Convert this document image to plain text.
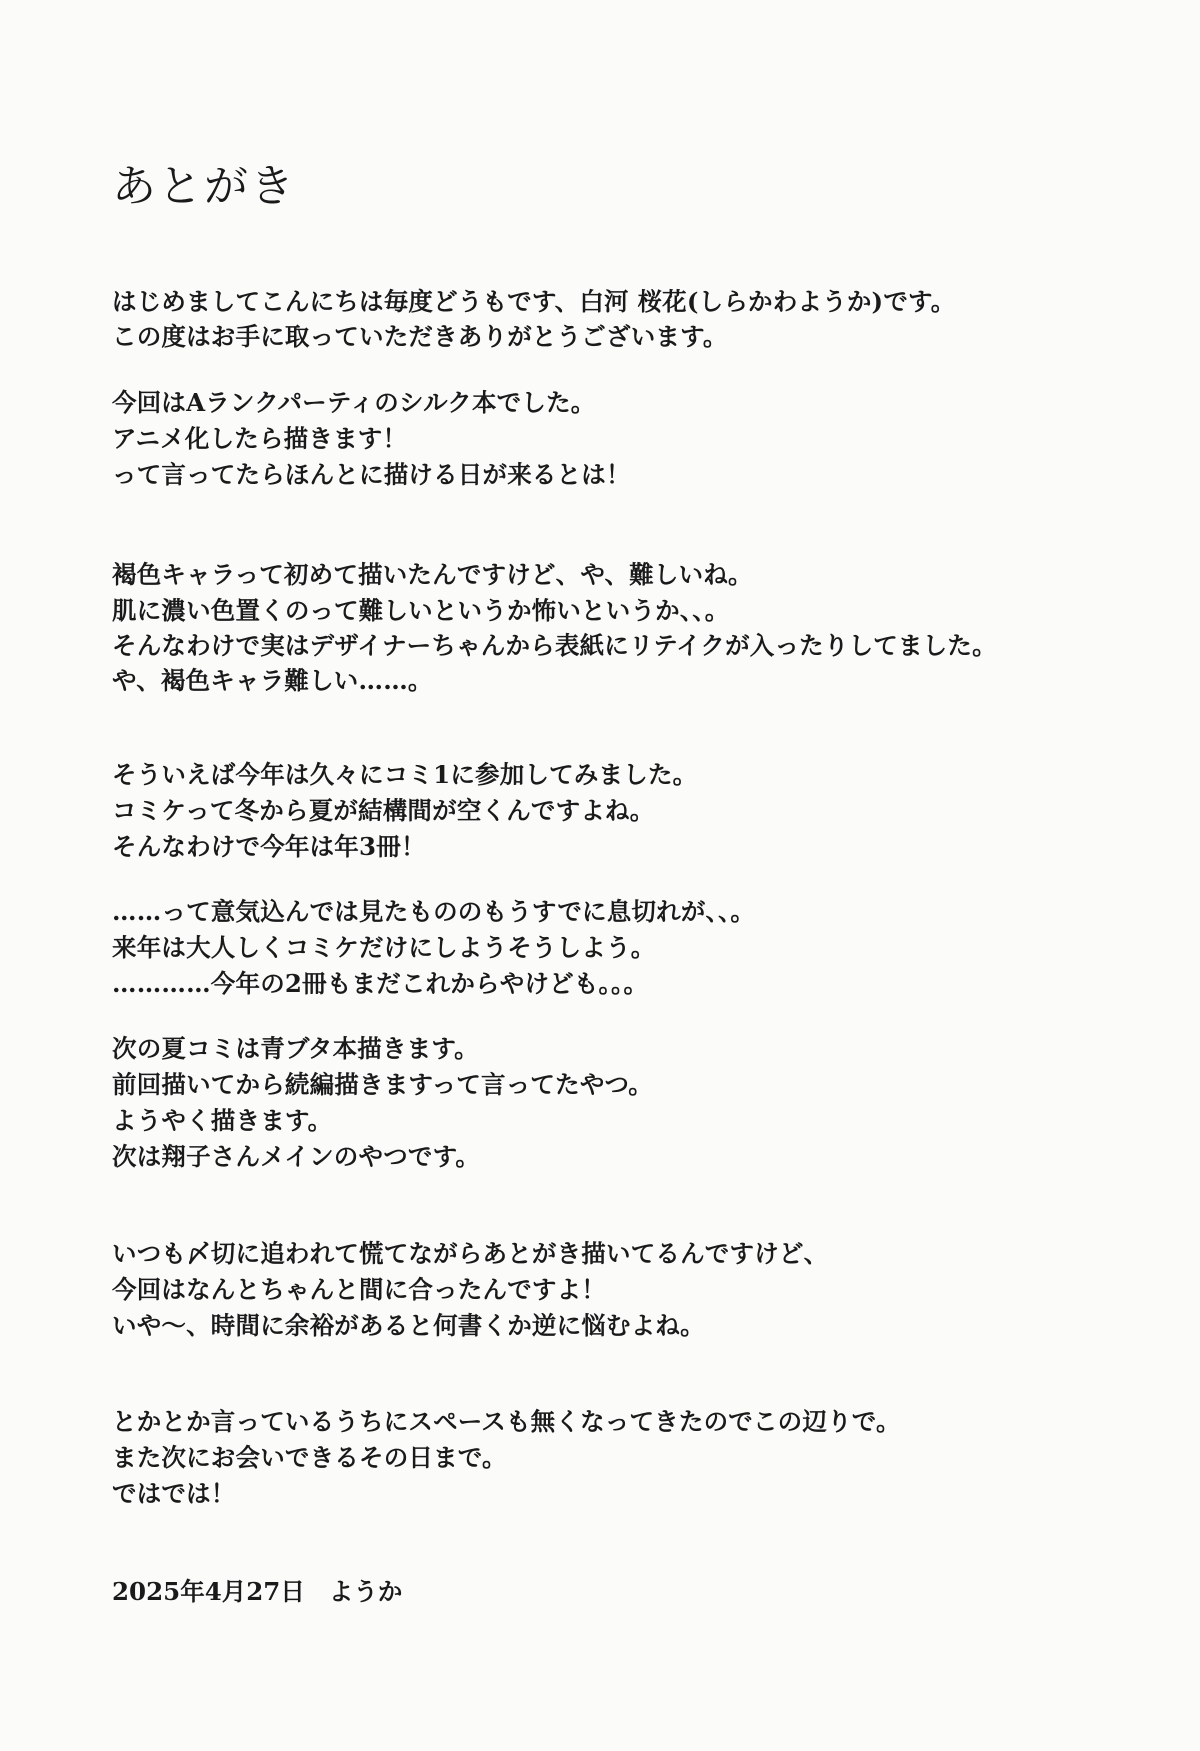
あとがき
はじめましてこんにちは毎度どうもです、白河 桜花(しらかわようか)です。
この度はお手に取っていただきありがとうございます。
今回はAランクパーティのシルク本でした。
アニメ化したら描きます！
って言ってたらほんとに描ける日が来るとは！
褐色キャラって初めて描いたんですけど、や、難しいね。
肌に濃い色置くのって難しいというか怖いというか、、。
そんなわけで実はデザイナーちゃんから表紙にリテイクが入ったりしてました。
や、褐色キャラ難しい……。
そういえば今年は久々にコミ1に参加してみました。
コミケって冬から夏が結構間が空くんですよね。
そんなわけで今年は年3冊！
……って意気込んでは見たもののもうすでに息切れが、、。
来年は大人しくコミケだけにしようそうしよう。
…………今年の2冊もまだこれからやけども。。。
次の夏コミは青ブタ本描きます。
前回描いてから続編描きますって言ってたやつ。
ようやく描きます。
次は翔子さんメインのやつです。
いつも〆切に追われて慌てながらあとがき描いてるんですけど、
今回はなんとちゃんと間に合ったんですよ！
いや〜、時間に余裕があると何書くか逆に悩むよね。
とかとか言っているうちにスペースも無くなってきたのでこの辺りで。
また次にお会いできるその日まで。
ではでは！
2025年4月27日 ようか
